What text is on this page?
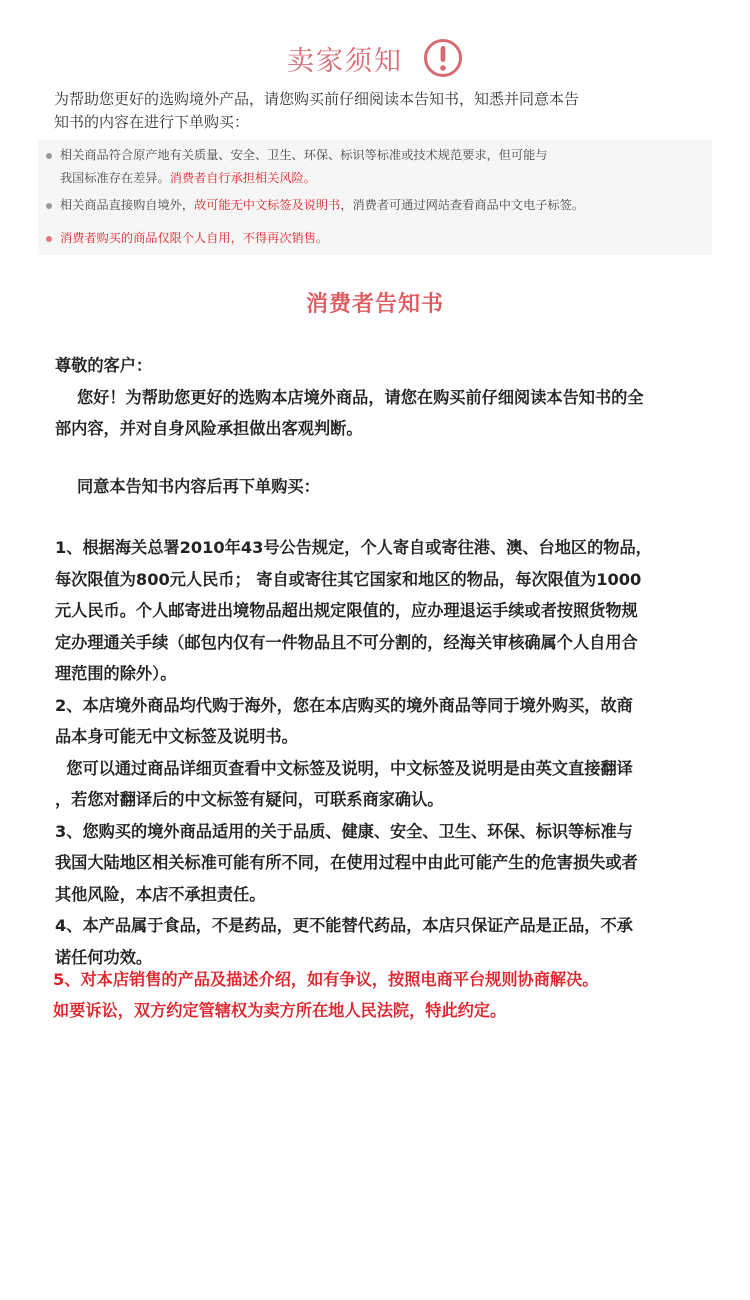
卖家须知
为帮助您更好的选购境外产品，请您购买前仔细阅读本告知书，知悉并同意本告
知书的内容在进行下单购买：
相关商品符合原产地有关质量、安全、卫生、环保、标识等标准或技术规范要求，但可能与
我国标准存在差异。消费者自行承担相关风险。
相关商品直接购自境外，故可能无中文标签及说明书，消费者可通过网站查看商品中文电子标签。
消费者购买的商品仅限个人自用，不得再次销售。
消费者告知书
尊敬的客户：
您好！为帮助您更好的选购本店境外商品，请您在购买前仔细阅读本告知书的全
部内容，并对自身风险承担做出客观判断。
同意本告知书内容后再下单购买：
1、根据海关总署2010年43号公告规定，个人寄自或寄往港、澳、台地区的物品，
每次限值为800元人民币； 寄自或寄往其它国家和地区的物品，每次限值为1000
元人民币。个人邮寄进出境物品超出规定限值的，应办理退运手续或者按照货物规
定办理通关手续（邮包内仅有一件物品且不可分割的，经海关审核确属个人自用合
理范围的除外）。
2、本店境外商品均代购于海外，您在本店购买的境外商品等同于境外购买，故商
品本身可能无中文标签及说明书。
您可以通过商品详细页查看中文标签及说明，中文标签及说明是由英文直接翻译
，若您对翻译后的中文标签有疑问，可联系商家确认。
3、您购买的境外商品适用的关于品质、健康、安全、卫生、环保、标识等标准与
我国大陆地区相关标准可能有所不同，在使用过程中由此可能产生的危害损失或者
其他风险，本店不承担责任。
4、本产品属于食品，不是药品，更不能替代药品，本店只保证产品是正品，不承
诺任何功效。
5、对本店销售的产品及描述介绍，如有争议，按照电商平台规则协商解决。
如要诉讼，双方约定管辖权为卖方所在地人民法院，特此约定。
